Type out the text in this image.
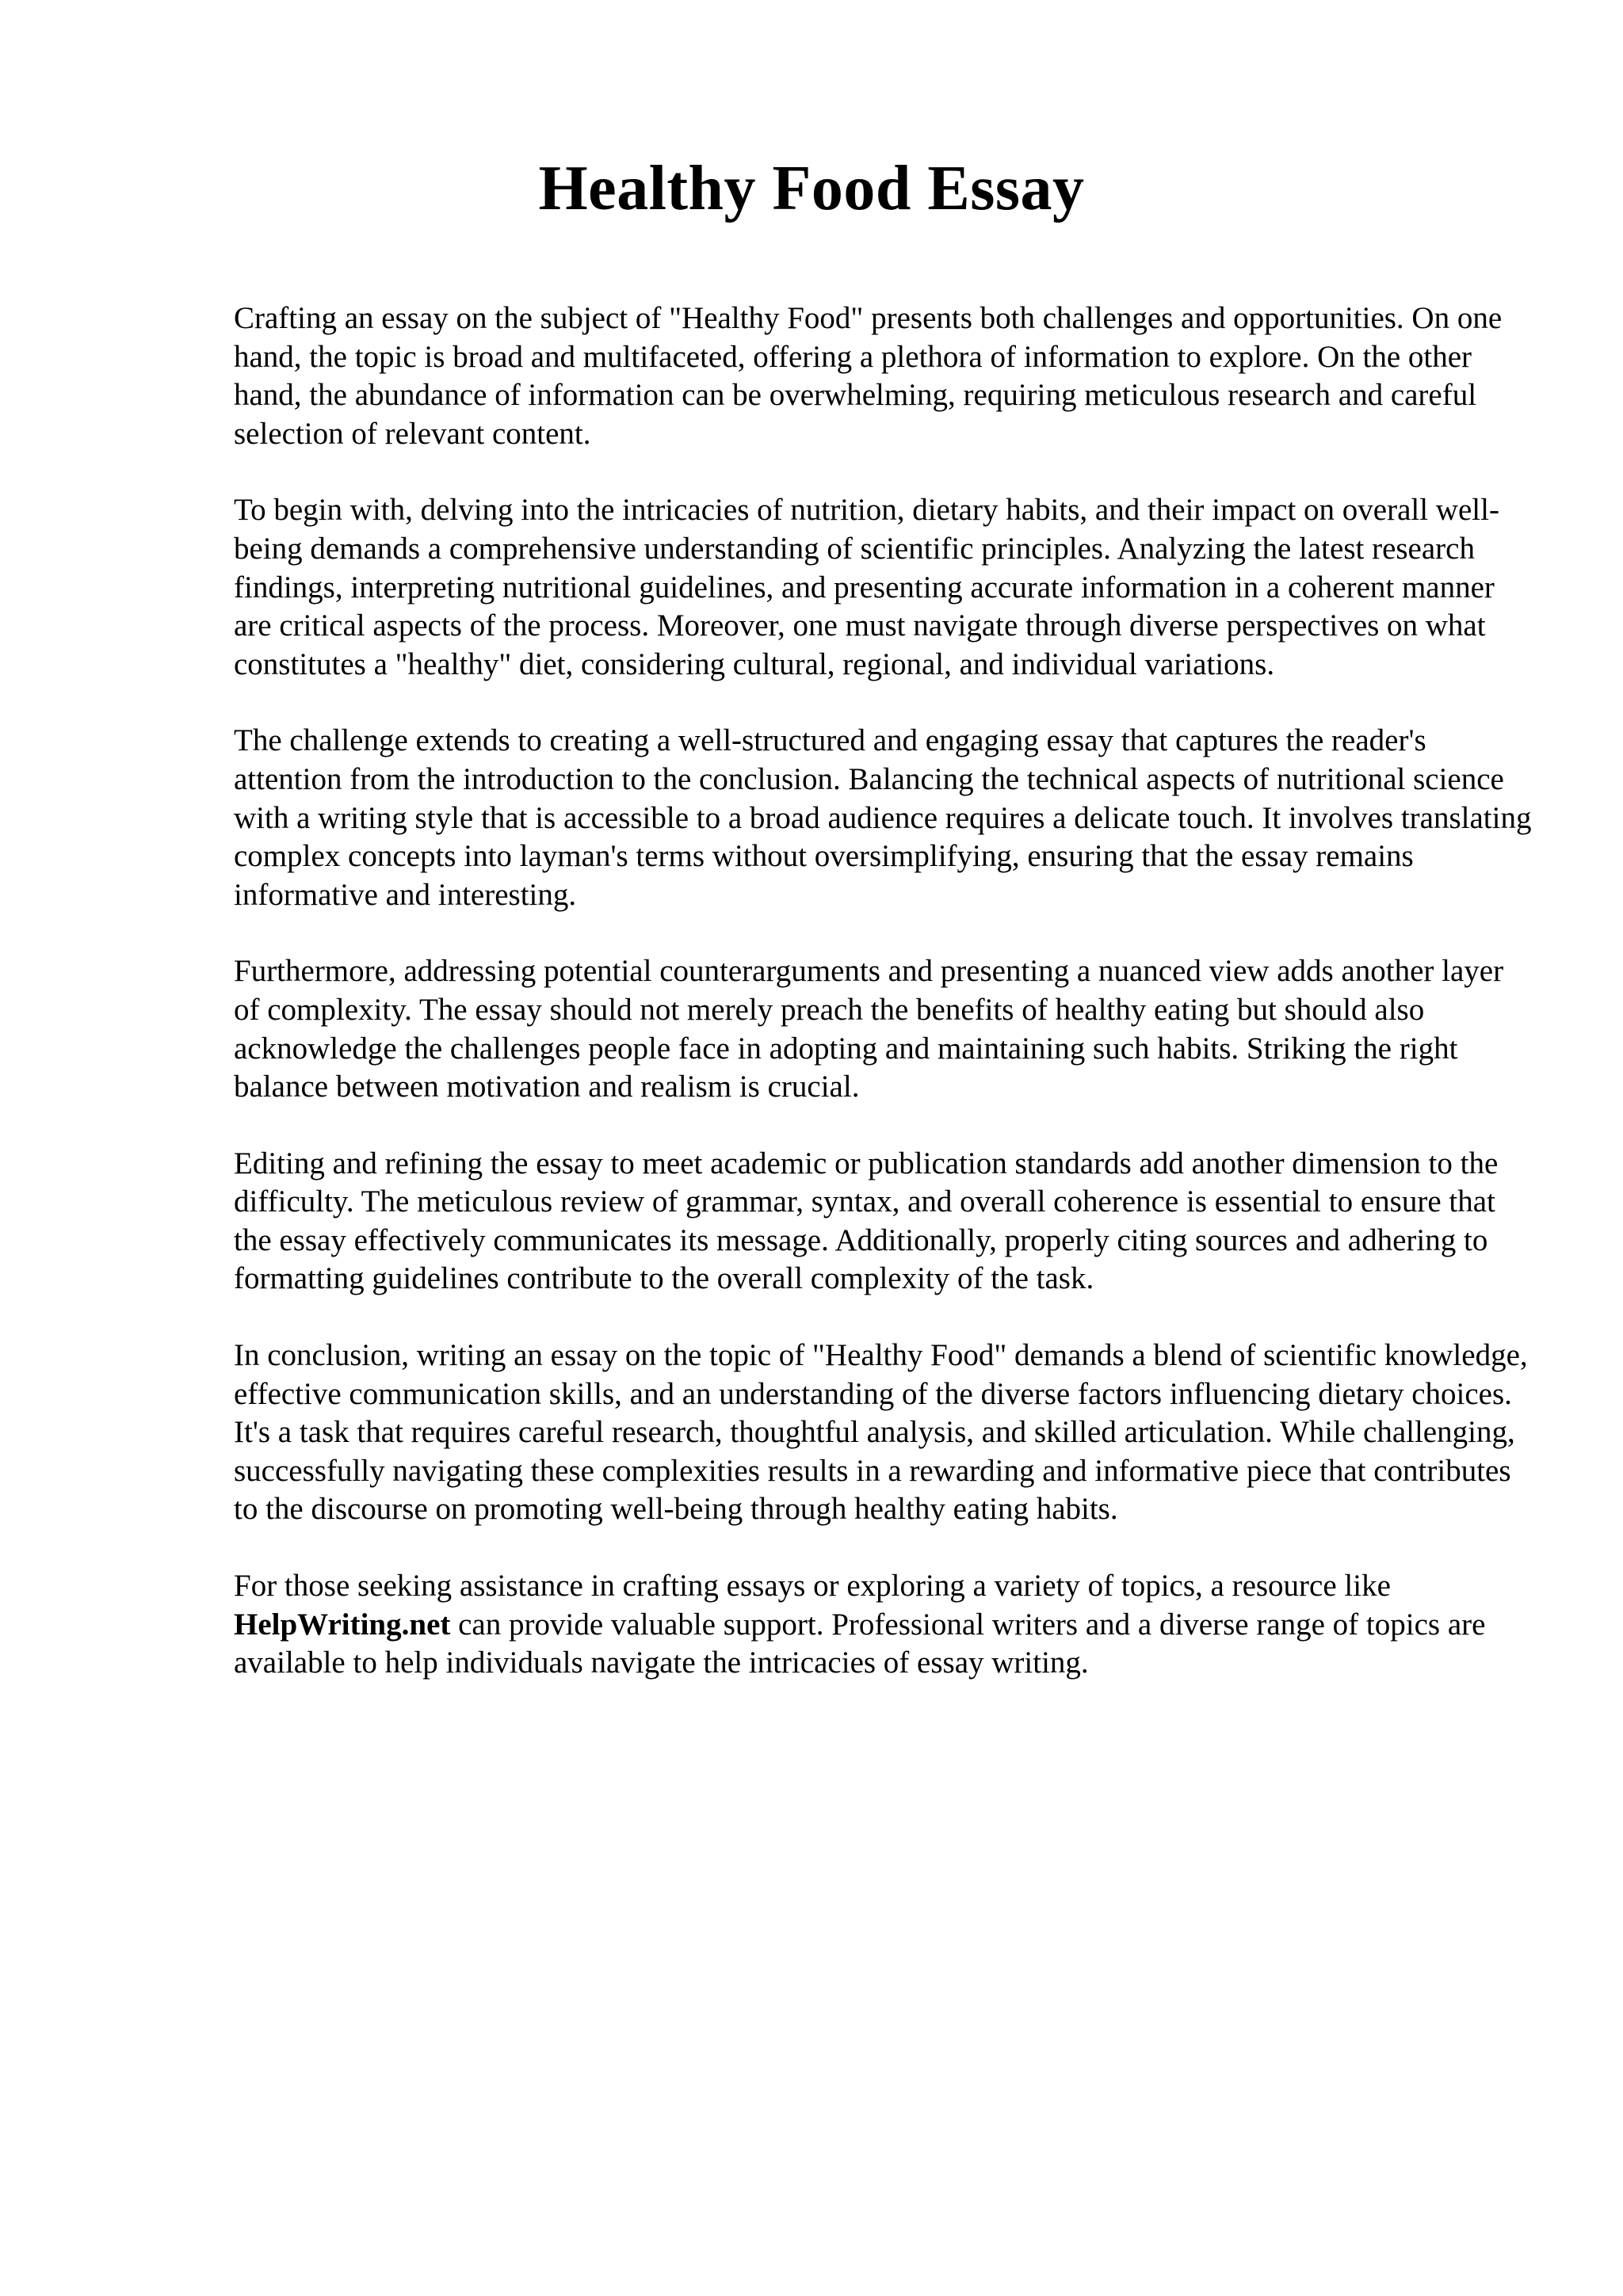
Healthy Food Essay

Crafting an essay on the subject of "Healthy Food" presents both challenges and opportunities. On one hand, the topic is broad and multifaceted, offering a plethora of information to explore. On the other hand, the abundance of information can be overwhelming, requiring meticulous research and careful selection of relevant content.

To begin with, delving into the intricacies of nutrition, dietary habits, and their impact on overall well-being demands a comprehensive understanding of scientific principles. Analyzing the latest research findings, interpreting nutritional guidelines, and presenting accurate information in a coherent manner are critical aspects of the process. Moreover, one must navigate through diverse perspectives on what constitutes a "healthy" diet, considering cultural, regional, and individual variations.

The challenge extends to creating a well-structured and engaging essay that captures the reader's attention from the introduction to the conclusion. Balancing the technical aspects of nutritional science with a writing style that is accessible to a broad audience requires a delicate touch. It involves translating complex concepts into layman's terms without oversimplifying, ensuring that the essay remains informative and interesting.

Furthermore, addressing potential counterarguments and presenting a nuanced view adds another layer of complexity. The essay should not merely preach the benefits of healthy eating but should also acknowledge the challenges people face in adopting and maintaining such habits. Striking the right balance between motivation and realism is crucial.

Editing and refining the essay to meet academic or publication standards add another dimension to the difficulty. The meticulous review of grammar, syntax, and overall coherence is essential to ensure that the essay effectively communicates its message. Additionally, properly citing sources and adhering to formatting guidelines contribute to the overall complexity of the task.

In conclusion, writing an essay on the topic of "Healthy Food" demands a blend of scientific knowledge, effective communication skills, and an understanding of the diverse factors influencing dietary choices. It's a task that requires careful research, thoughtful analysis, and skilled articulation. While challenging, successfully navigating these complexities results in a rewarding and informative piece that contributes to the discourse on promoting well-being through healthy eating habits.

For those seeking assistance in crafting essays or exploring a variety of topics, a resource like HelpWriting.net can provide valuable support. Professional writers and a diverse range of topics are available to help individuals navigate the intricacies of essay writing.
